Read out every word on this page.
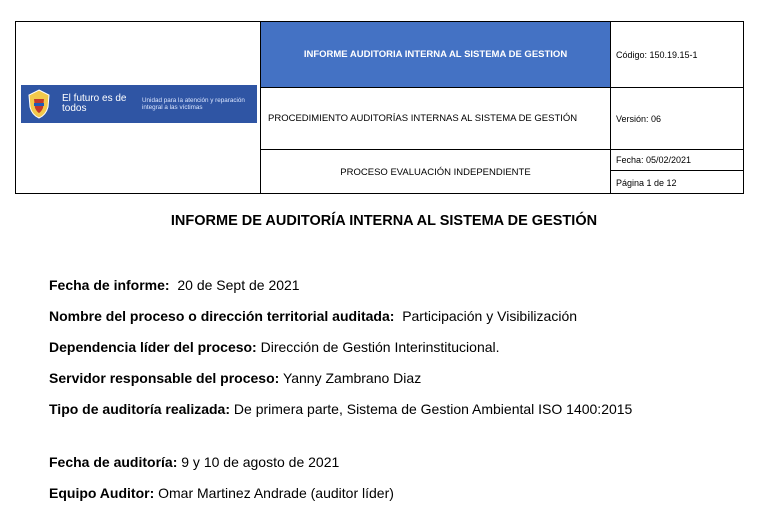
El futuro es de todos
Unidad para la atención y reparación integral a las víctimas
INFORME AUDITORIA INTERNA AL SISTEMA DE GESTION
PROCEDIMIENTO AUDITORÍAS INTERNAS AL SISTEMA DE GESTIÓN
PROCESO EVALUACIÓN INDEPENDIENTE
Código: 150.19.15-1
Versión: 06
Fecha: 05/02/2021
Página 1 de 12
INFORME DE AUDITORÍA INTERNA AL SISTEMA DE GESTIÓN
Fecha de informe: 20 de Sept de 2021
Nombre del proceso o dirección territorial auditada: Participación y Visibilización
Dependencia líder del proceso: Dirección de Gestión Interinstitucional.
Servidor responsable del proceso: Yanny Zambrano Diaz
Tipo de auditoría realizada: De primera parte, Sistema de Gestion Ambiental ISO 1400:2015
Fecha de auditoría: 9 y 10 de agosto de 2021
Equipo Auditor: Omar Martinez Andrade (auditor líder)
